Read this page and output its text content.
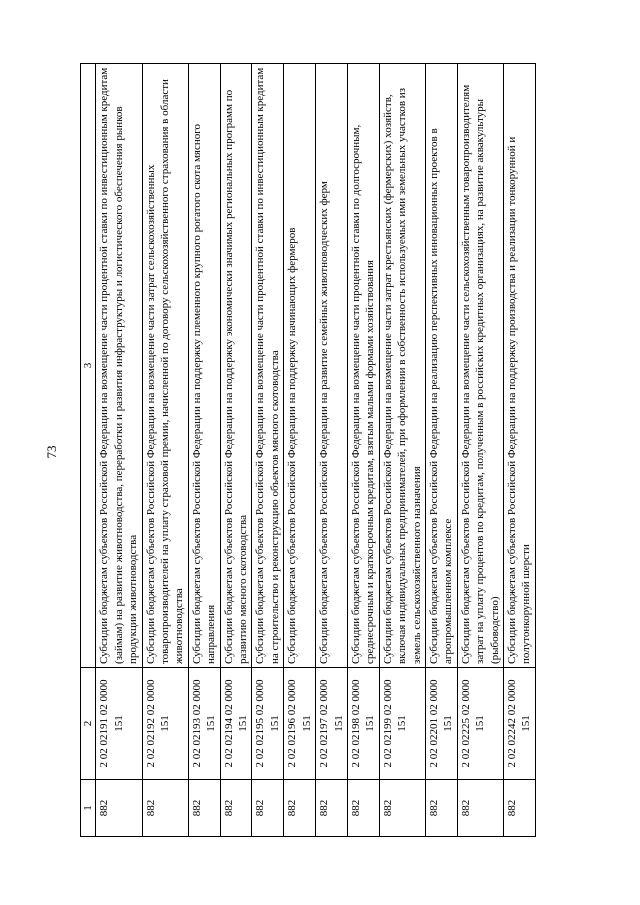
73
1	2	3
882	2 02 02191 02 0000 151	Субсидии бюджетам субъектов Российской Федерации на возмещение части процентной ставки по инвестиционным кредитам (займам) на развитие животноводства, переработки и развития инфраструктуры и логистического обеспечения рынков продукции животноводства
882	2 02 02192 02 0000 151	Субсидии бюджетам субъектов Российской Федерации на возмещение части затрат сельскохозяйственных товаропроизводителей на уплату страховой премии, начисленной по договору сельскохозяйственного страхования в области животноводства
882	2 02 02193 02 0000 151	Субсидии бюджетам субъектов Российской Федерации на поддержку племенного крупного рогатого скота мясного направления
882	2 02 02194 02 0000 151	Субсидии бюджетам субъектов Российской Федерации на поддержку экономически значимых региональных программ по развитию мясного скотоводства
882	2 02 02195 02 0000 151	Субсидии бюджетам субъектов Российской Федерации на возмещение части процентной ставки по инвестиционным кредитам на строительство и реконструкцию объектов мясного скотоводства
882	2 02 02196 02 0000 151	Субсидии бюджетам субъектов Российской Федерации на поддержку начинающих фермеров
882	2 02 02197 02 0000 151	Субсидии бюджетам субъектов Российской Федерации на развитие семейных животноводческих ферм
882	2 02 02198 02 0000 151	Субсидии бюджетам субъектов Российской Федерации на возмещение части процентной ставки по долгосрочным, среднесрочным и краткосрочным кредитам, взятым малыми формами хозяйствования
882	2 02 02199 02 0000 151	Субсидии бюджетам субъектов Российской Федерации на возмещение части затрат крестьянских (фермерских) хозяйств, включая индивидуальных предпринимателей, при оформлении в собственность используемых ими земельных участков из земель сельскохозяйственного назначения
882	2 02 02201 02 0000 151	Субсидии бюджетам субъектов Российской Федерации на реализацию перспективных инновационных проектов в агропромышленном комплексе
882	2 02 02225 02 0000 151	Субсидии бюджетам субъектов Российской Федерации на возмещение части сельскохозяйственным товаропроизводителям затрат на уплату процентов по кредитам, полученным в российских кредитных организациях, на развитие аквакультуры (рыбоводство)
882	2 02 02242 02 0000 151	Субсидии бюджетам субъектов Российской Федерации на поддержку производства и реализации тонкорунной и полутонкорунной шерсти
